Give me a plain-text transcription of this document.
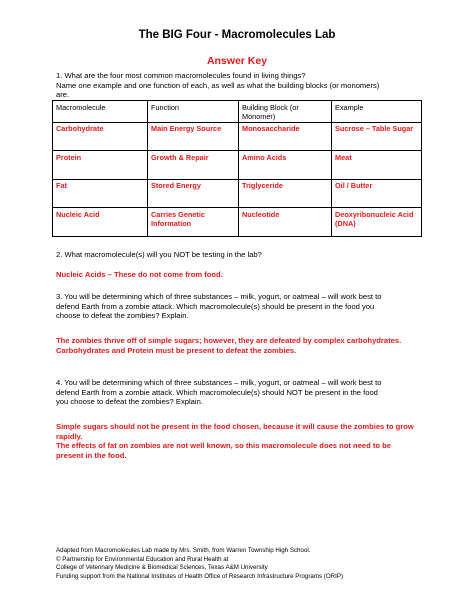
The BIG Four - Macromolecules Lab
Answer Key
1. What are the four most common macromolecules found in living things?
Name one example and one function of each, as well as what the building blocks (or monomers)
are.
Macromolecule	Function	Building Block (or Monomer)	Example
Carbohydrate	Main Energy Source	Monosaccharide	Sucrose – Table Sugar
Protein	Growth & Repair	Amino Acids	Meat
Fat	Stored Energy	Triglyceride	Oil / Butter
Nucleic Acid	Carries Genetic Information	Nucleotide	Deoxyribonucleic Acid (DNA)
2. What macromolecule(s) will you NOT be testing in the lab?
Nucleic Acids – These do not come from food.
3. You will be determining which of three substances – milk, yogurt, or oatmeal – will work best to
defend Earth from a zombie attack. Which macromolecule(s) should be present in the food you
choose to defeat the zombies? Explain.
The zombies thrive off of simple sugars; however, they are defeated by complex carbohydrates.
Carbohydrates and Protein must be present to defeat the zombies.
4. You will be determining which of three substances – milk, yogurt, or oatmeal – will work best to
defend Earth from a zombie attack. Which macromolecule(s) should NOT be present in the food
you choose to defeat the zombies? Explain.
Simple sugars should not be present in the food chosen, because it will cause the zombies to grow
rapidly.
The effects of fat on zombies are not well known, so this macromolecule does not need to be
present in the food.
Adapted from Macromolecules Lab made by Mrs. Smith, from Warren Township High School.
© Partnership for Environmental Education and Rural Health at
College of Veterinary Medicine & Biomedical Sciences, Texas A&M University
Funding support from the National Institutes of Health Office of Research Infrastructure Programs (ORIP)
